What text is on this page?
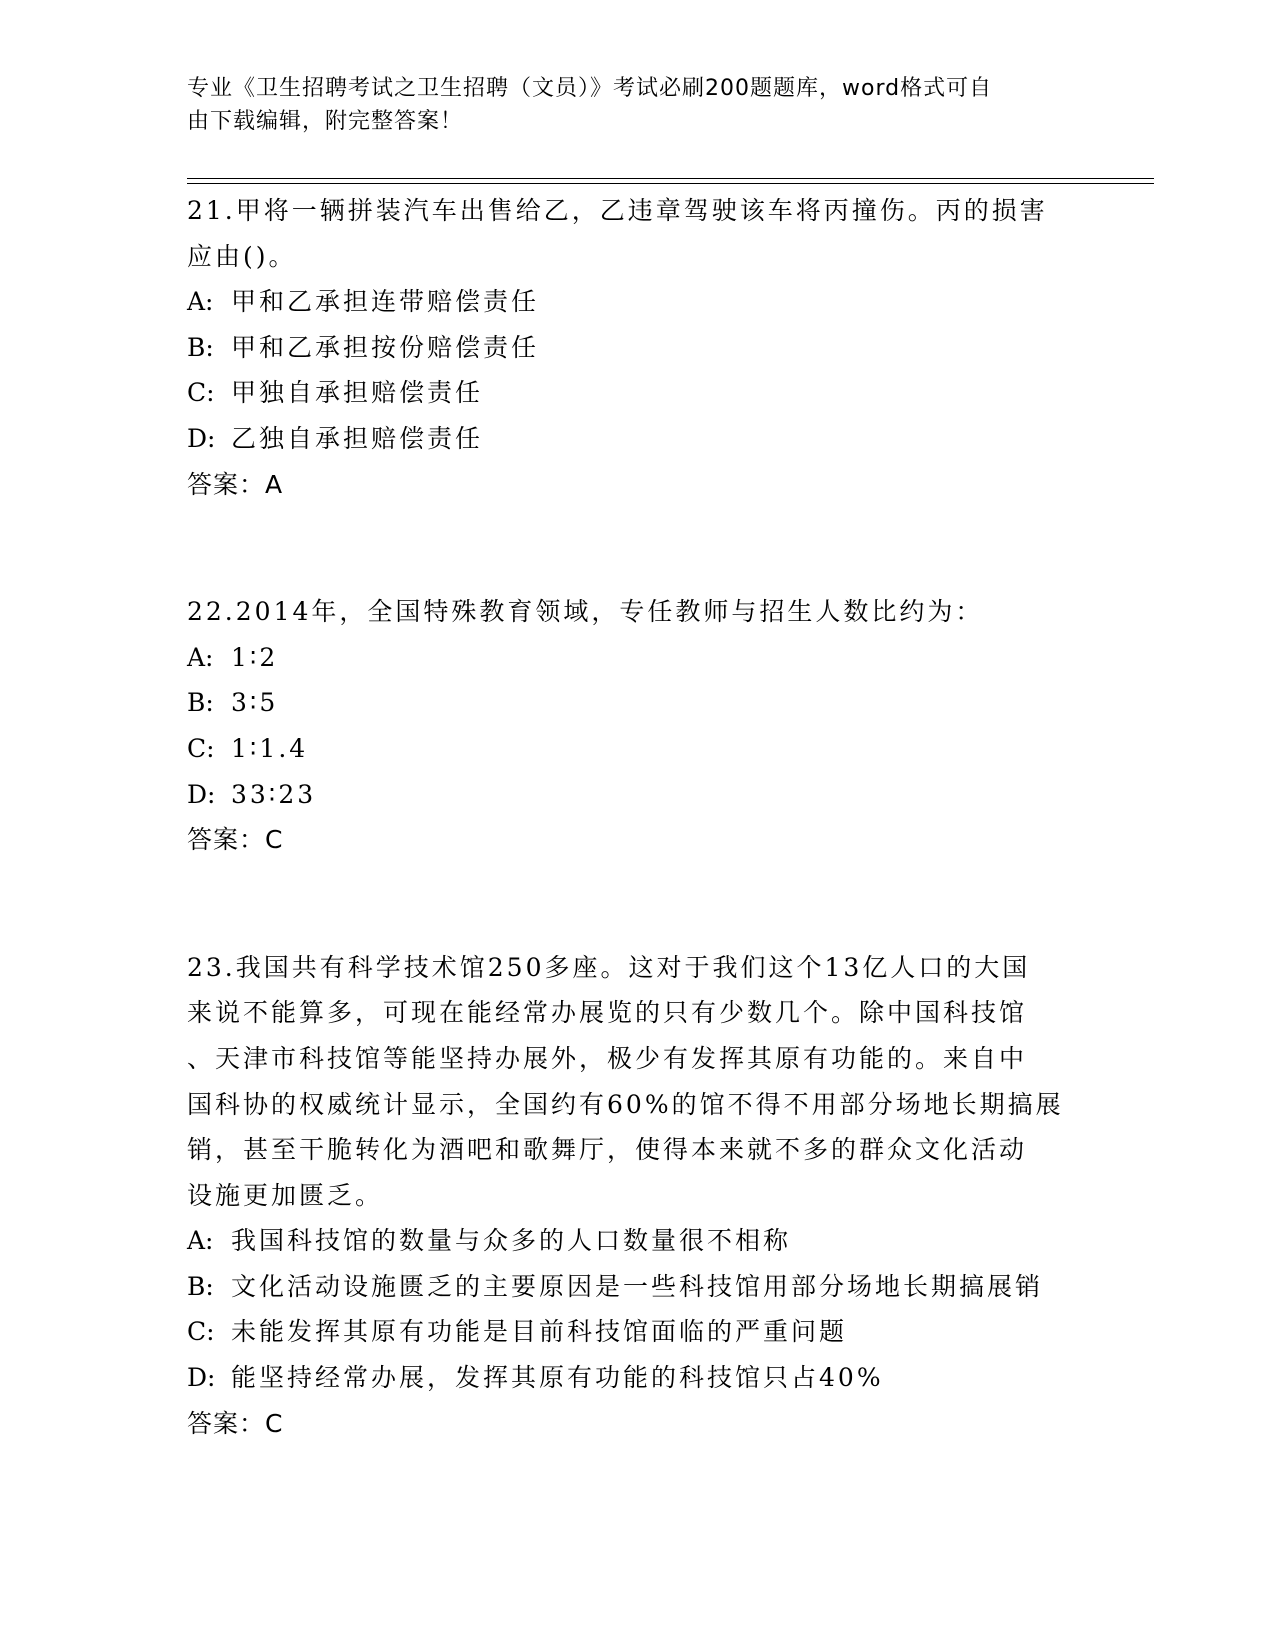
专业《卫生招聘考试之卫生招聘（文员）》考试必刷200题题库，word格式可自
由下载编辑，附完整答案！

21.甲将一辆拼装汽车出售给乙，乙违章驾驶该车将丙撞伤。丙的损害
应由()。

A: 甲和乙承担连带赔偿责任

B: 甲和乙承担按份赔偿责任

C: 甲独自承担赔偿责任

D: 乙独自承担赔偿责任

答案：A

22.2014年，全国特殊教育领域，专任教师与招生人数比约为：

A: 1∶2

B: 3∶5

C: 1∶1.4

D: 33∶23

答案：C

23.我国共有科学技术馆250多座。这对于我们这个13亿人口的大国
来说不能算多，可现在能经常办展览的只有少数几个。除中国科技馆
、天津市科技馆等能坚持办展外，极少有发挥其原有功能的。来自中
国科协的权威统计显示，全国约有60%的馆不得不用部分场地长期搞展
销，甚至干脆转化为酒吧和歌舞厅，使得本来就不多的群众文化活动
设施更加匮乏。

A: 我国科技馆的数量与众多的人口数量很不相称

B: 文化活动设施匮乏的主要原因是一些科技馆用部分场地长期搞展销

C: 未能发挥其原有功能是目前科技馆面临的严重问题

D: 能坚持经常办展，发挥其原有功能的科技馆只占40%

答案：C
